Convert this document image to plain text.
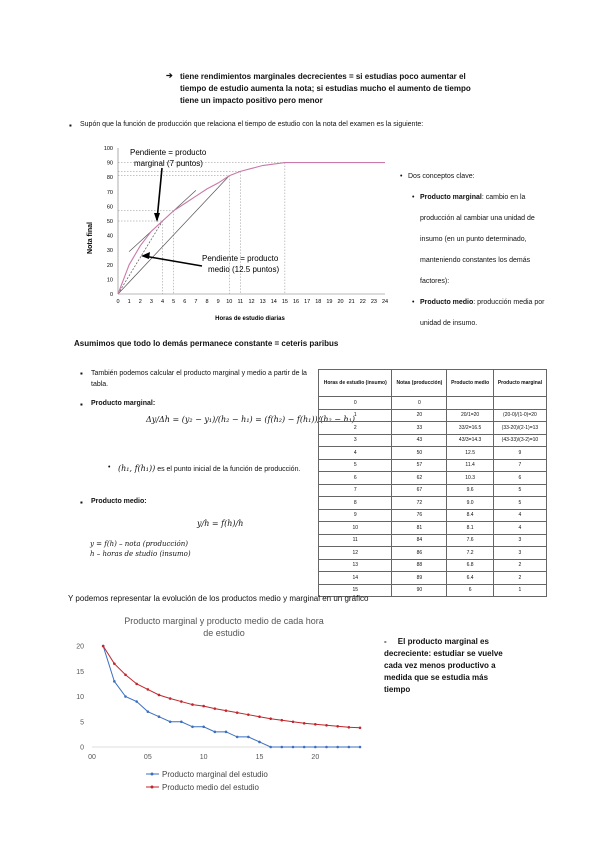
➔ tiene rendimientos marginales decrecientes = si estudias poco aumentar el
tiempo de estudio aumenta la nota; si estudias mucho el aumento de tiempo
tiene un impacto positivo pero menor
▪ Supón que la función de producción que relaciona el tiempo de estudio con la nota del examen es la siguiente:
100
90
80
70
60
50
40
30
20
10
0
0 1 2 3 4 5 6 7 8 9 10 11 12 13 14 15 16 17 18 19 20 21 22 23 24
Nota final
Horas de estudio diarias
Pendiente = producto
marginal (7 puntos)
Pendiente = producto
medio (12.5 puntos)
• Dos conceptos clave:
• Producto marginal: cambio en la
producción al cambiar una unidad de
insumo (en un punto determinado,
manteniendo constantes los demás
factores):
• Producto medio: producción media por
unidad de insumo.
Asumimos que todo lo demás permanece constante = ceteris paribus
▪ También podemos calcular el producto marginal y medio a partir de la
tabla.
▪ Producto marginal:
Δy/Δh = (y₂ − y₁)/(h₂ − h₁) = (f(h₂) − f(h₁))/(h₂ − h₁)
• (h₁, f(h₁)) es el punto inicial de la función de producción.
▪ Producto medio:
y/h = f(h)/h
y = f(h) – nota (producción)
h – horas de studio (insumo)
Horas de estudio (insumo)	Notas (producción)	Producto medio	Producto marginal
0	0		
1	20	20/1=20	(20-0)/(1-0)=20
2	33	33/2=16.5	(33-20)/(2-1)=13
3	43	43/3=14.3	(43-33)/(3-2)=10
4	50	12.5	9
5	57	11.4	7
6	62	10.3	6
7	67	9.6	5
8	72	9.0	5
9	76	8.4	4
10	81	8.1	4
11	84	7.6	3
12	86	7.2	3
13	88	6.8	2
14	89	6.4	2
15	90	6	1
Y podemos representar la evolución de los productos medio y marginal en un gráfico
Producto marginal y producto medio de cada hora
de estudio
20
15
10
5
0
00	05	10	15	20
Producto marginal del estudio
Producto medio del estudio
- El producto marginal es
decreciente: estudiar se vuelve
cada vez menos productivo a
medida que se estudia más
tiempo
